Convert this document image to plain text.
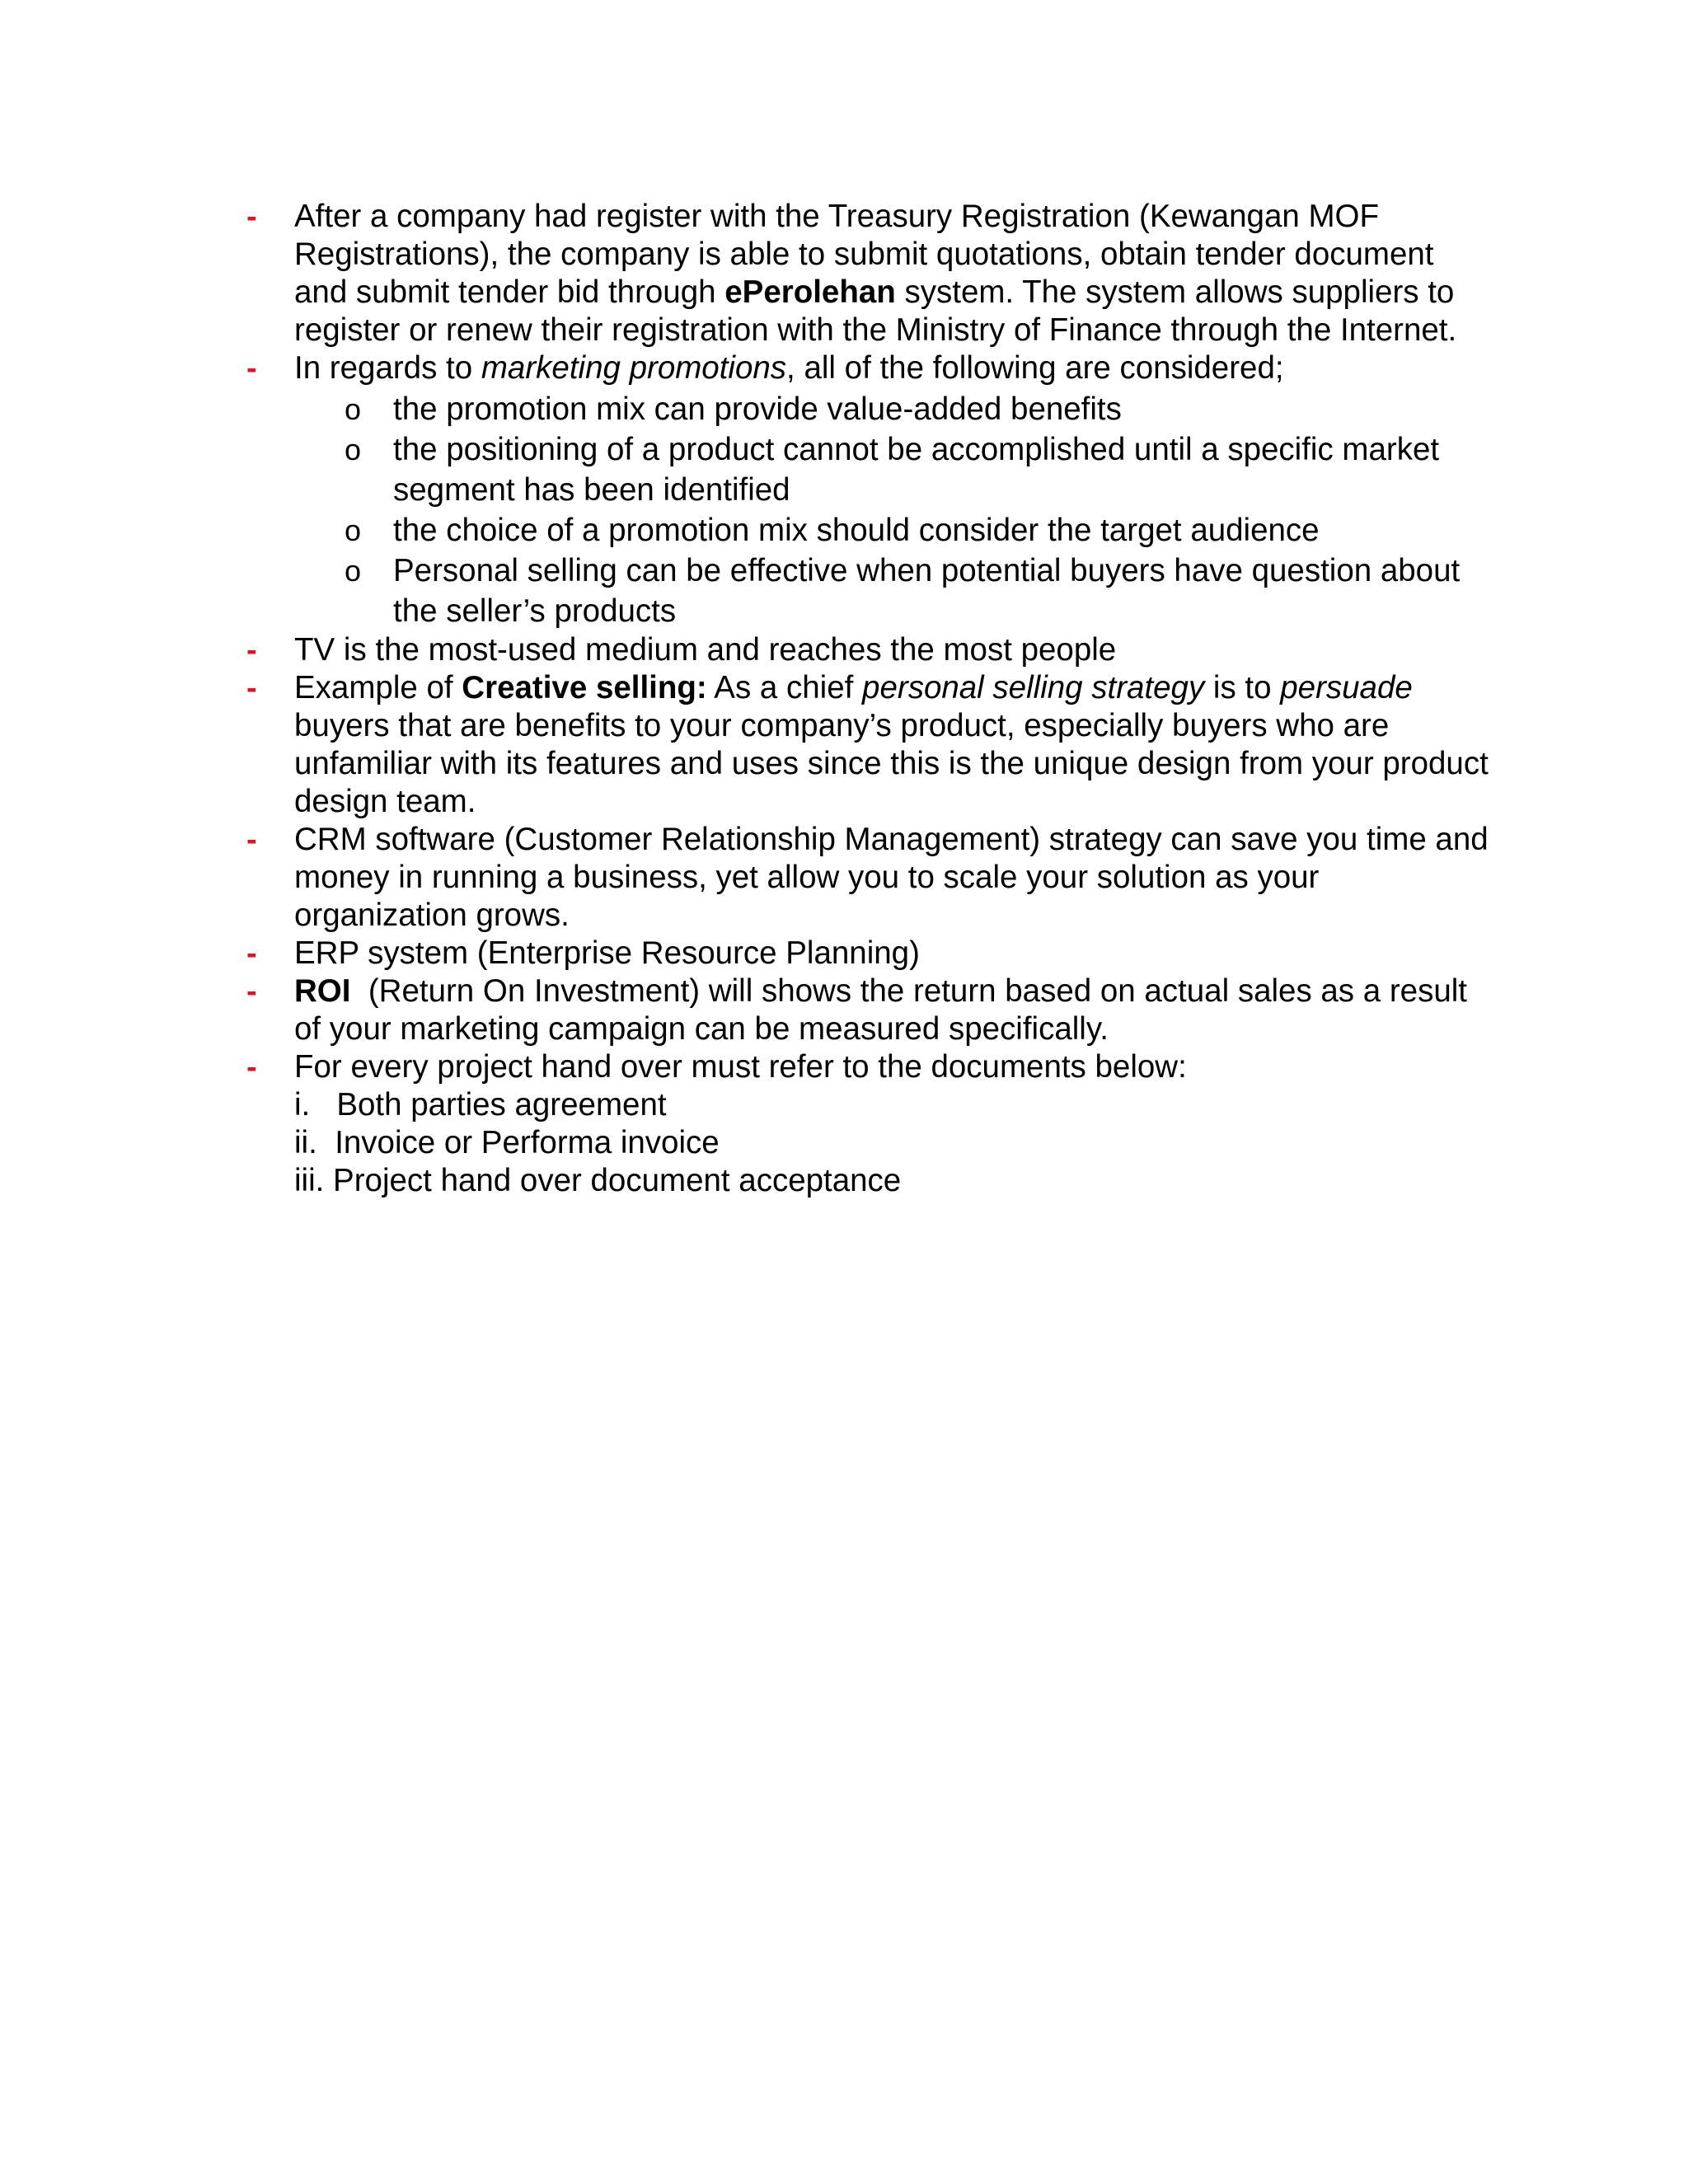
- After a company had register with the Treasury Registration (Kewangan MOF Registrations), the company is able to submit quotations, obtain tender document and submit tender bid through ePerolehan system. The system allows suppliers to register or renew their registration with the Ministry of Finance through the Internet.
- In regards to marketing promotions, all of the following are considered;
o the promotion mix can provide value-added benefits
o the positioning of a product cannot be accomplished until a specific market segment has been identified
o the choice of a promotion mix should consider the target audience
o Personal selling can be effective when potential buyers have question about the seller’s products
- TV is the most-used medium and reaches the most people
- Example of Creative selling: As a chief personal selling strategy is to persuade buyers that are benefits to your company’s product, especially buyers who are unfamiliar with its features and uses since this is the unique design from your product design team.
- CRM software (Customer Relationship Management) strategy can save you time and money in running a business, yet allow you to scale your solution as your organization grows.
- ERP system (Enterprise Resource Planning)
- ROI  (Return On Investment) will shows the return based on actual sales as a result of your marketing campaign can be measured specifically.
- For every project hand over must refer to the documents below:
i.   Both parties agreement
ii.  Invoice or Performa invoice
iii. Project hand over document acceptance
